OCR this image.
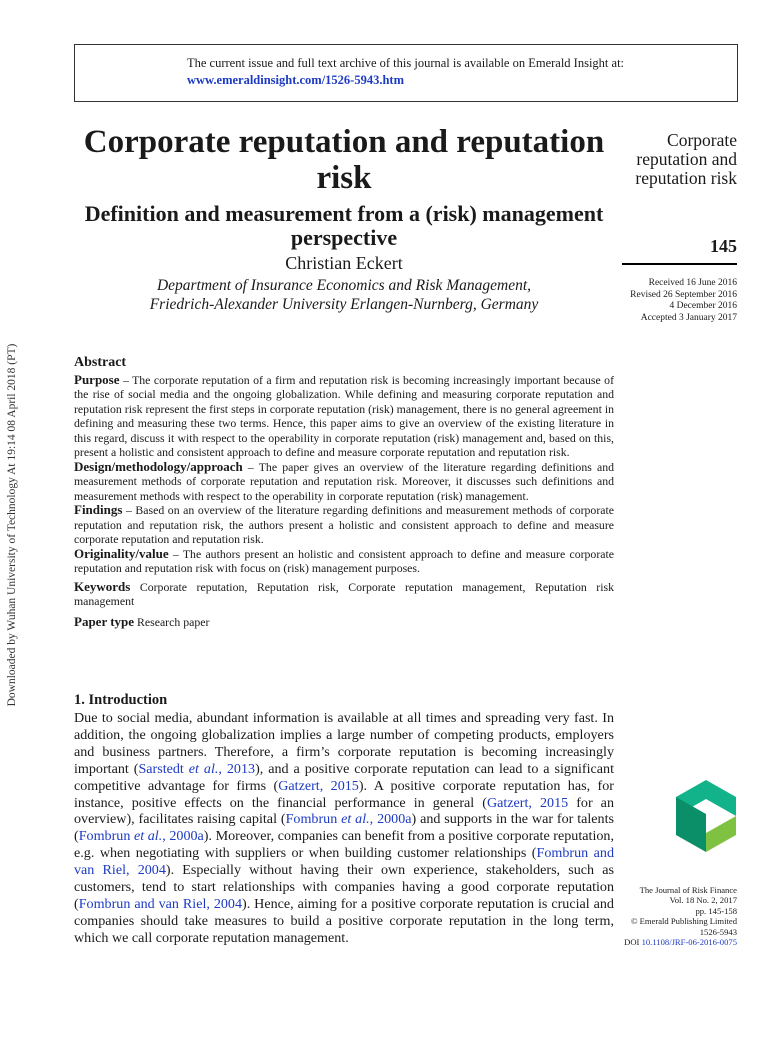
The current issue and full text archive of this journal is available on Emerald Insight at:
www.emeraldinsight.com/1526-5943.htm
Downloaded by Wuhan University of Technology At 19:14 08 April 2018 (PT)
Corporate reputation and reputation risk
Definition and measurement from a (risk) management perspective
Christian Eckert
Department of Insurance Economics and Risk Management,
Friedrich-Alexander University Erlangen-Nurnberg, Germany
Corporate
reputation and
reputation risk
145
Received 16 June 2016
Revised 26 September 2016
4 December 2016
Accepted 3 January 2017
Abstract

Purpose – The corporate reputation of a firm and reputation risk is becoming increasingly important because of the rise of social media and the ongoing globalization. While defining and measuring corporate reputation and reputation risk represent the first steps in corporate reputation (risk) management, there is no general agreement in defining and measuring these two terms. Hence, this paper aims to give an overview of the existing literature in this regard, discuss it with respect to the operability in corporate reputation (risk) management and, based on this, present a holistic and consistent approach to define and measure corporate reputation and reputation risk.

Design/methodology/approach – The paper gives an overview of the literature regarding definitions and measurement methods of corporate reputation and reputation risk. Moreover, it discusses such definitions and measurement methods with respect to the operability in corporate reputation (risk) management.

Findings – Based on an overview of the literature regarding definitions and measurement methods of corporate reputation and reputation risk, the authors present a holistic and consistent approach to define and measure corporate reputation and reputation risk.

Originality/value – The authors present an holistic and consistent approach to define and measure corporate reputation and reputation risk with focus on (risk) management purposes.

Keywords Corporate reputation, Reputation risk, Corporate reputation management, Reputation risk management

Paper type Research paper

1. Introduction

Due to social media, abundant information is available at all times and spreading very fast. In addition, the ongoing globalization implies a large number of competing products, employers and business partners. Therefore, a firm’s corporate reputation is becoming increasingly important (Sarstedt et al., 2013), and a positive corporate reputation can lead to a significant competitive advantage for firms (Gatzert, 2015). A positive corporate reputation has, for instance, positive effects on the financial performance in general (Gatzert, 2015 for an overview), facilitates raising capital (Fombrun et al., 2000a) and supports in the war for talents (Fombrun et al., 2000a). Moreover, companies can benefit from a positive corporate reputation, e.g. when negotiating with suppliers or when building customer relationships (Fombrun and van Riel, 2004). Especially without having their own experience, stakeholders, such as customers, tend to start relationships with companies having a good corporate reputation (Fombrun and van Riel, 2004). Hence, aiming for a positive corporate reputation is crucial and companies should take measures to build a positive corporate reputation in the long term, which we call corporate reputation management.

The Journal of Risk Finance
Vol. 18 No. 2, 2017
pp. 145-158
© Emerald Publishing Limited
1526-5943
DOI 10.1108/JRF-06-2016-0075
